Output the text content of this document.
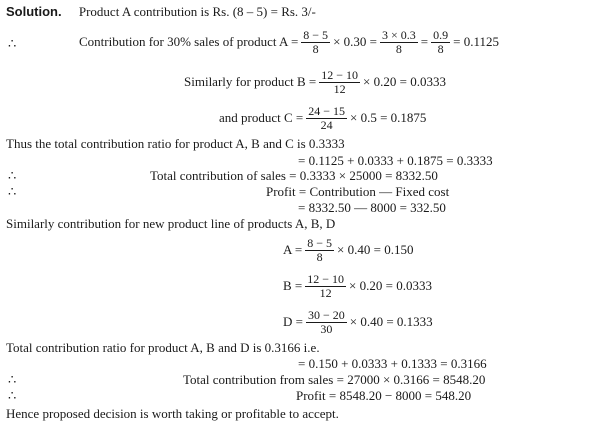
Solution. Product A contribution is Rs. (8 – 5) = Rs. 3/-
∴	Contribution for 30% sales of product $A = \frac{8 - 5}{8} \times 0.30 = \frac{3 \times 0.3}{8} = \frac{0.9}{8} = 0.1125$
Similarly for product $B = \frac{12 - 10}{12} \times 0.20 = 0.0333$
and product $C = \frac{24 - 15}{24} \times 0.5 = 0.1875$
Thus the total contribution ratio for product A, B and C is 0.3333
= 0.1125 + 0.0333 + 0.1875 = 0.3333
∴	Total contribution of sales = 0.3333 × 25000 = 8332.50
∴	Profit = Contribution — Fixed cost
= 8332.50 — 8000 = 332.50
Similarly contribution for new product line of products A, B, D
$A = \frac{8 - 5}{8} \times 0.40 = 0.150$
$B = \frac{12 - 10}{12} \times 0.20 = 0.0333$
$D = \frac{30 - 20}{30} \times 0.40 = 0.1333$
Total contribution ratio for product A, B and D is 0.3166 i.e.
= 0.150 + 0.0333 + 0.1333 = 0.3166
∴	Total contribution from sales = 27000 × 0.3166 = 8548.20
∴	Profit = 8548.20 − 8000 = 548.20
Hence proposed decision is worth taking or profitable to accept.
